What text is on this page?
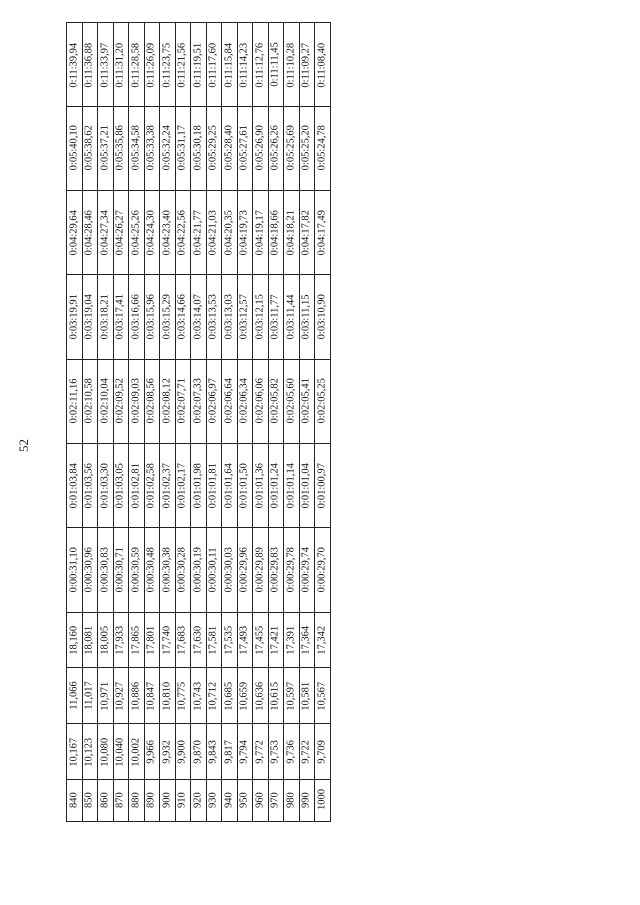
52
0:11:39,94	0:11:36,88	0:11:33,97	0:11:31,20	0:11:28,58	0:11:26,09	0:11:23,75	0:11:21,56	0:11:19,51	0:11:17,60	0:11:15,84	0:11:14,23	0:11:12,76	0:11:11,45	0:11:10,28	0:11:09,27	0:11:08,40
0:05:40,10	0:05:38,62	0:05:37,21	0:05:35,86	0:05:34,58	0:05:33,38	0:05:32,24	0:05:31,17	0:05:30,18	0:05:29,25	0:05:28,40	0:05:27,61	0:05:26,90	0:05:26,26	0:05:25,69	0:05:25,20	0:05:24,78
0:04:29,64	0:04:28,46	0:04:27,34	0:04:26,27	0:04:25,26	0:04:24,30	0:04:23,40	0:04:22,56	0:04:21,77	0:04:21,03	0:04:20,35	0:04:19,73	0:04:19,17	0:04:18,66	0:04:18,21	0:04:17,82	0:04:17,49
0:03:19,91	0:03:19,04	0:03:18,21	0:03:17,41	0:03:16,66	0:03:15,96	0:03:15,29	0:03:14,66	0:03:14,07	0:03:13,53	0:03:13,03	0:03:12,57	0:03:12,15	0:03:11,77	0:03:11,44	0:03:11,15	0:03:10,90
0:02:11,16	0:02:10,58	0:02:10,04	0:02:09,52	0:02:09,03	0:02:08,56	0:02:08,12	0:02:07,71	0:02:07,33	0:02:06,97	0:02:06,64	0:02:06,34	0:02:06,06	0:02:05,82	0:02:05,60	0:02:05,41	0:02:05,25
0:01:03,84	0:01:03,56	0:01:03,30	0:01:03,05	0:01:02,81	0:01:02,58	0:01:02,37	0:01:02,17	0:01:01,98	0:01:01,81	0:01:01,64	0:01:01,50	0:01:01,36	0:01:01,24	0:01:01,14	0:01:01,04	0:01:00,97
0:00:31,10	0:00:30,96	0:00:30,83	0:00:30,71	0:00:30,59	0:00:30,48	0:00:30,38	0:00:30,28	0:00:30,19	0:00:30,11	0:00:30,03	0:00:29,96	0:00:29,89	0:00:29,83	0:00:29,78	0:00:29,74	0:00:29,70
18,160	18,081	18,005	17,933	17,865	17,801	17,740	17,683	17,630	17,581	17,535	17,493	17,455	17,421	17,391	17,364	17,342
11,066	11,017	10,971	10,927	10,886	10,847	10,810	10,775	10,743	10,712	10,685	10,659	10,636	10,615	10,597	10,581	10,567
10,167	10,123	10,080	10,040	10,002	9,966	9,932	9,900	9,870	9,843	9,817	9,794	9,772	9,753	9,736	9,722	9,709
840	850	860	870	880	890	900	910	920	930	940	950	960	970	980	990	1000
